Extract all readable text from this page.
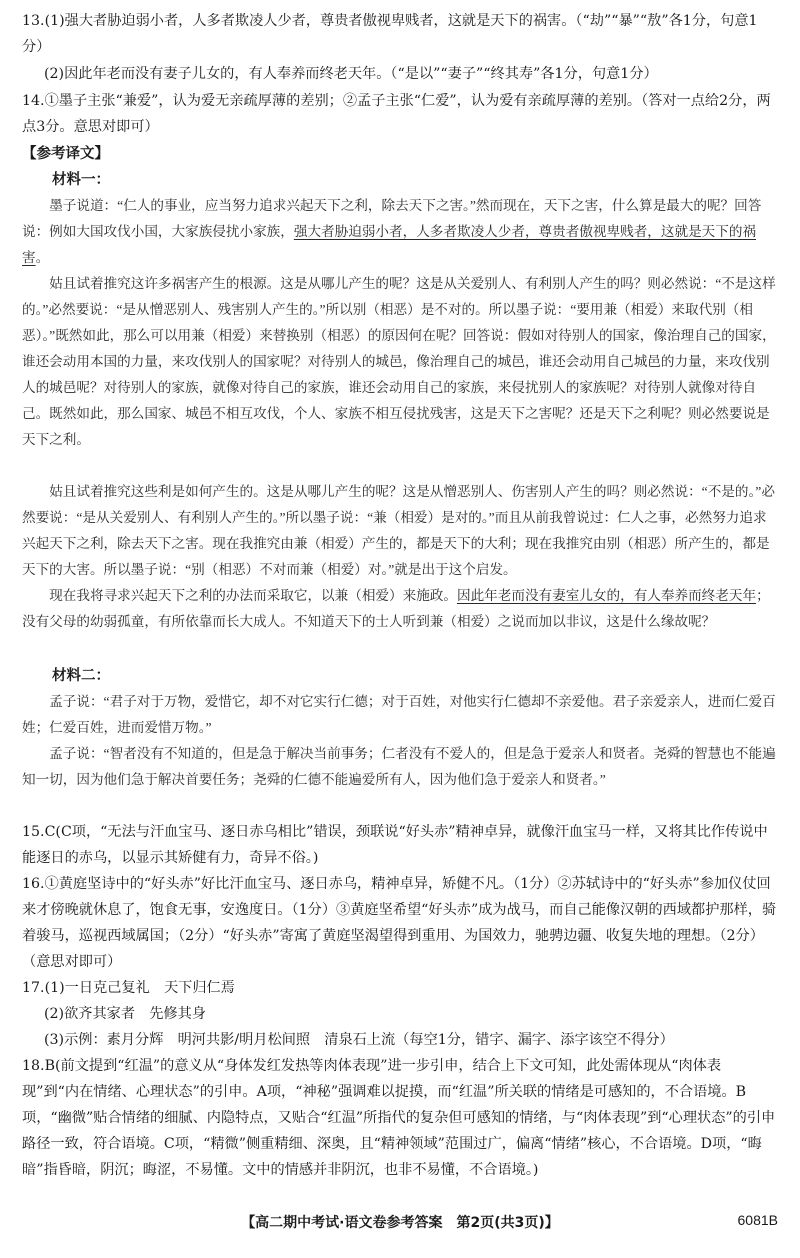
13.(1)强大者胁迫弱小者，人多者欺凌人少者，尊贵者傲视卑贱者，这就是天下的祸害。（“劫”“暴”“敖”各1分，句意1分）
(2)因此年老而没有妻子儿女的，有人奉养而终老天年。（“是以”“妻子”“终其寿”各1分，句意1分）
14.①墨子主张“兼爱”，认为爱无亲疏厚薄的差别；②孟子主张“仁爱”，认为爱有亲疏厚薄的差别。（答对一点给2分，两点3分。意思对即可）
【参考译文】
材料一：
墨子说道：“仁人的事业，应当努力追求兴起天下之利，除去天下之害。”然而现在，天下之害，什么算是最大的呢？回答说：例如大国攻伐小国，大家族侵扰小家族，强大者胁迫弱小者，人多者欺凌人少者，尊贵者傲视卑贱者，这就是天下的祸害。
姑且试着推究这许多祸害产生的根源。这是从哪儿产生的呢？这是从关爱别人、有利别人产生的吗？则必然说：“不是这样的。”必然要说：“是从憎恶别人、残害别人产生的。”所以别（相恶）是不对的。所以墨子说：“要用兼（相爱）来取代别（相恶）。”既然如此，那么可以用兼（相爱）来替换别（相恶）的原因何在呢？回答说：假如对待别人的国家，像治理自己的国家，谁还会动用本国的力量，来攻伐别人的国家呢？对待别人的城邑，像治理自己的城邑，谁还会动用自己城邑的力量，来攻伐别人的城邑呢？对待别人的家族，就像对待自己的家族，谁还会动用自己的家族，来侵扰别人的家族呢？对待别人就像对待自己。既然如此，那么国家、城邑不相互攻伐，个人、家族不相互侵扰残害，这是天下之害呢？还是天下之利呢？则必然要说是天下之利。
姑且试着推究这些利是如何产生的。这是从哪儿产生的呢？这是从憎恶别人、伤害别人产生的吗？则必然说：“不是的。”必然要说：“是从关爱别人、有利别人产生的。”所以墨子说：“兼（相爱）是对的。”而且从前我曾说过：仁人之事，必然努力追求兴起天下之利，除去天下之害。现在我推究由兼（相爱）产生的，都是天下的大利；现在我推究由别（相恶）所产生的，都是天下的大害。所以墨子说：“别（相恶）不对而兼（相爱）对。”就是出于这个启发。
现在我将寻求兴起天下之利的办法而采取它，以兼（相爱）来施政。因此年老而没有妻室儿女的，有人奉养而终老天年；没有父母的幼弱孤童，有所依靠而长大成人。不知道天下的士人听到兼（相爱）之说而加以非议，这是什么缘故呢？
材料二：
孟子说：“君子对于万物，爱惜它，却不对它实行仁德；对于百姓，对他实行仁德却不亲爱他。君子亲爱亲人，进而仁爱百姓；仁爱百姓，进而爱惜万物。”
孟子说：“智者没有不知道的，但是急于解决当前事务；仁者没有不爱人的，但是急于爱亲人和贤者。尧舜的智慧也不能遍知一切，因为他们急于解决首要任务；尧舜的仁德不能遍爱所有人，因为他们急于爱亲人和贤者。”
15.C(C项，“无法与汗血宝马、逐日赤乌相比”错误，颈联说“好头赤”精神卓异，就像汗血宝马一样，又将其比作传说中能逐日的赤乌，以显示其矫健有力，奇异不俗。)
16.①黄庭坚诗中的“好头赤”好比汗血宝马、逐日赤乌，精神卓异，矫健不凡。（1分）②苏轼诗中的“好头赤”参加仪仗回来才傍晚就休息了，饱食无事，安逸度日。（1分）③黄庭坚希望“好头赤”成为战马，而自己能像汉朝的西域都护那样，骑着骏马，巡视西域属国；（2分）“好头赤”寄寓了黄庭坚渴望得到重用、为国效力，驰骋边疆、收复失地的理想。（2分）（意思对即可）
17.(1)一日克己复礼　天下归仁焉
(2)欲齐其家者　先修其身
(3)示例：素月分辉　明河共影/明月松间照　清泉石上流（每空1分，错字、漏字、添字该空不得分）
18.B(前文提到“红温”的意义从“身体发红发热等肉体表现”进一步引申，结合上下文可知，此处需体现从“肉体表现”到“内在情绪、心理状态”的引申。A项，“神秘”强调难以捉摸，而“红温”所关联的情绪是可感知的，不合语境。B项，“幽微”贴合情绪的细腻、内隐特点，又贴合“红温”所指代的复杂但可感知的情绪，与“肉体表现”到“心理状态”的引申路径一致，符合语境。C项，“精微”侧重精细、深奥，且“精神领域”范围过广，偏离“情绪”核心，不合语境。D项，“晦暗”指昏暗，阴沉；晦涩，不易懂。文中的情感并非阴沉，也非不易懂，不合语境。)
【高二期中考试·语文卷参考答案　第2页(共3页)】	6081B
